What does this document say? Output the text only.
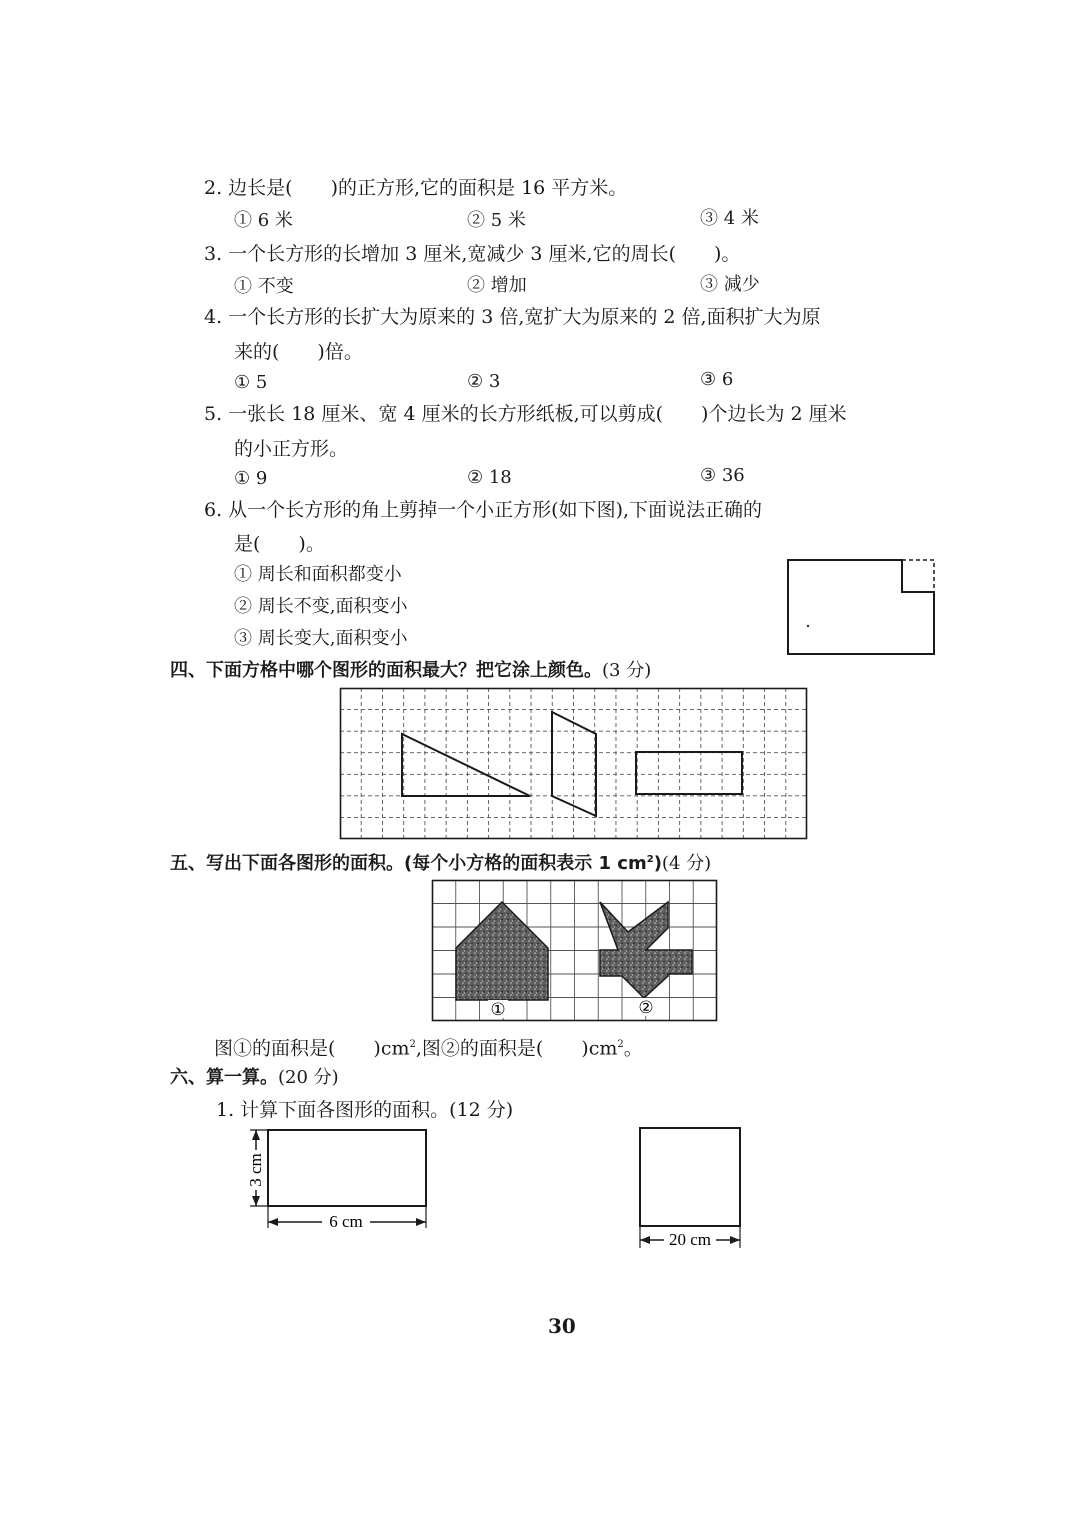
2. 边长是(　　)的正方形,它的面积是 16 平方米。
① 6 米	② 5 米	③ 4 米
3. 一个长方形的长增加 3 厘米,宽减少 3 厘米,它的周长(　　)。
① 不变	② 增加	③ 减少
4. 一个长方形的长扩大为原来的 3 倍,宽扩大为原来的 2 倍,面积扩大为原
来的(　　)倍。
① 5	② 3	③ 6
5. 一张长 18 厘米、宽 4 厘米的长方形纸板,可以剪成(　　)个边长为 2 厘米
的小正方形。
① 9	② 18	③ 36
6. 从一个长方形的角上剪掉一个小正方形(如下图),下面说法正确的
是(　　)。
① 周长和面积都变小
② 周长不变,面积变小
③ 周长变大,面积变小
四、下面方格中哪个图形的面积最大？把它涂上颜色。(3 分)
五、写出下面各图形的面积。(每个小方格的面积表示 1 $cm^2)(4$ 分)
①	②
图①的面积是(　　)$cm^2$,图②的面积是(　　)$cm^2$。
六、算一算。(20 分)
1. 计算下面各图形的面积。(12 分)
3 cm
6 cm
20 cm
30
